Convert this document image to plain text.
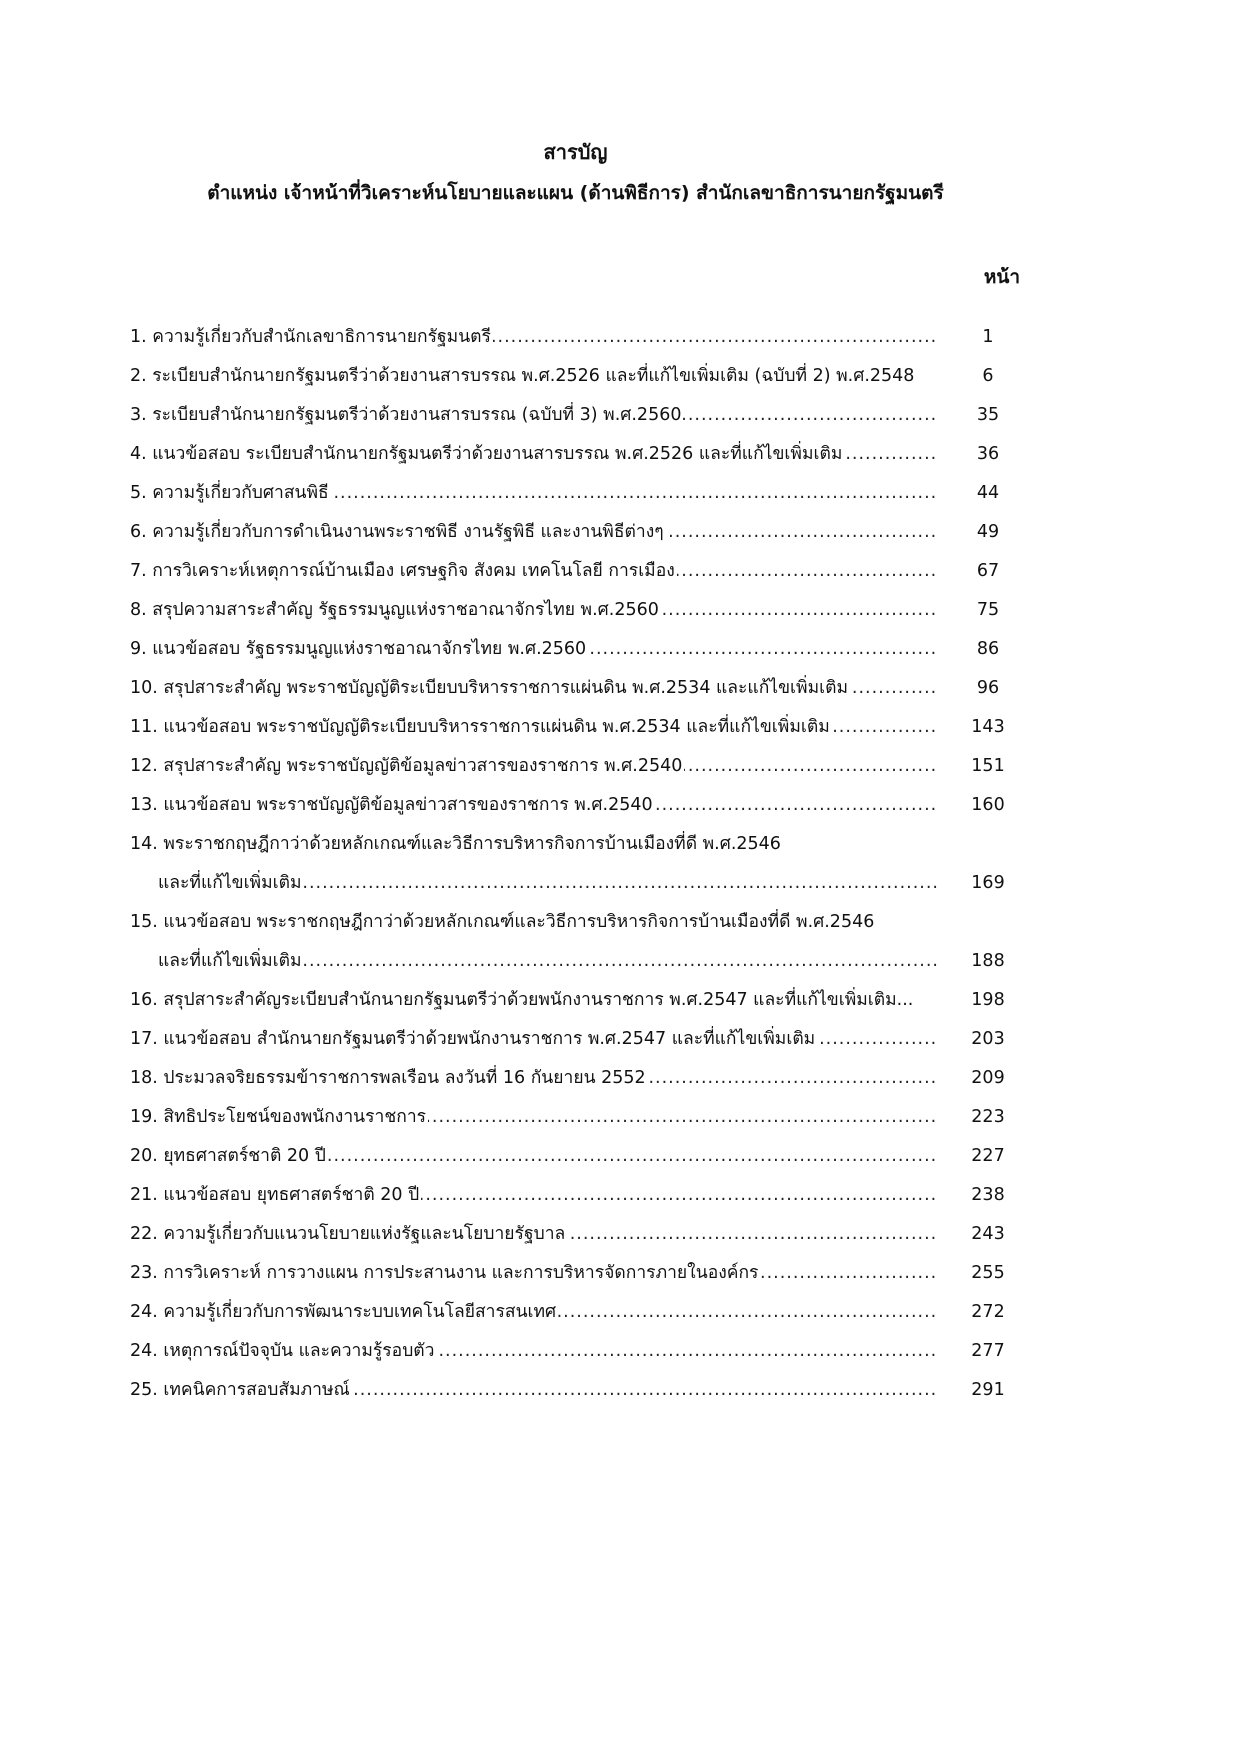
สารบัญ
ตำแหน่ง เจ้าหน้าที่วิเคราะห์นโยบายและแผน (ด้านพิธีการ) สำนักเลขาธิการนายกรัฐมนตรี
หน้า
1. ความรู้เกี่ยวกับสำนักเลขาธิการนายกรัฐมนตรี .....	1
2. ระเบียบสำนักนายกรัฐมนตรีว่าด้วยงานสารบรรณ พ.ศ.2526 และที่แก้ไขเพิ่มเติม (ฉบับที่ 2) พ.ศ.2548	6
3. ระเบียบสำนักนายกรัฐมนตรีว่าด้วยงานสารบรรณ (ฉบับที่ 3) พ.ศ.2560 .....	35
4. แนวข้อสอบ ระเบียบสำนักนายกรัฐมนตรีว่าด้วยงานสารบรรณ พ.ศ.2526 และที่แก้ไขเพิ่มเติม .....	36
5. ความรู้เกี่ยวกับศาสนพิธี .....	44
6. ความรู้เกี่ยวกับการดำเนินงานพระราชพิธี งานรัฐพิธี และงานพิธีต่างๆ .....	49
7. การวิเคราะห์เหตุการณ์บ้านเมือง เศรษฐกิจ สังคม เทคโนโลยี การเมือง .....	67
8. สรุปความสาระสำคัญ รัฐธรรมนูญแห่งราชอาณาจักรไทย พ.ศ.2560 .....	75
9. แนวข้อสอบ รัฐธรรมนูญแห่งราชอาณาจักรไทย พ.ศ.2560 .....	86
10. สรุปสาระสำคัญ พระราชบัญญัติระเบียบบริหารราชการแผ่นดิน พ.ศ.2534 และแก้ไขเพิ่มเติม .....	96
11. แนวข้อสอบ พระราชบัญญัติระเบียบบริหารราชการแผ่นดิน พ.ศ.2534 และที่แก้ไขเพิ่มเติม .....	143
12. สรุปสาระสำคัญ พระราชบัญญัติข้อมูลข่าวสารของราชการ พ.ศ.2540 .....	151
13. แนวข้อสอบ พระราชบัญญัติข้อมูลข่าวสารของราชการ พ.ศ.2540 .....	160
14. พระราชกฤษฎีกาว่าด้วยหลักเกณฑ์และวิธีการบริหารกิจการบ้านเมืองที่ดี พ.ศ.2546
และที่แก้ไขเพิ่มเติม .....	169
15. แนวข้อสอบ พระราชกฤษฎีกาว่าด้วยหลักเกณฑ์และวิธีการบริหารกิจการบ้านเมืองที่ดี พ.ศ.2546
และที่แก้ไขเพิ่มเติม .....	188
16. สรุปสาระสำคัญระเบียบสำนักนายกรัฐมนตรีว่าด้วยพนักงานราชการ พ.ศ.2547 และที่แก้ไขเพิ่มเติม...	198
17. แนวข้อสอบ สำนักนายกรัฐมนตรีว่าด้วยพนักงานราชการ พ.ศ.2547 และที่แก้ไขเพิ่มเติม .....	203
18. ประมวลจริยธรรมข้าราชการพลเรือน ลงวันที่ 16 กันยายน 2552 .....	209
19. สิทธิประโยชน์ของพนักงานราชการ .....	223
20. ยุทธศาสตร์ชาติ 20 ปี .....	227
21. แนวข้อสอบ ยุทธศาสตร์ชาติ 20 ปี .....	238
22. ความรู้เกี่ยวกับแนวนโยบายแห่งรัฐและนโยบายรัฐบาล .....	243
23. การวิเคราะห์ การวางแผน การประสานงาน และการบริหารจัดการภายในองค์กร .....	255
24. ความรู้เกี่ยวกับการพัฒนาระบบเทคโนโลยีสารสนเทศ .....	272
24. เหตุการณ์ปัจจุบัน และความรู้รอบตัว .....	277
25. เทคนิคการสอบสัมภาษณ์ .....	291
